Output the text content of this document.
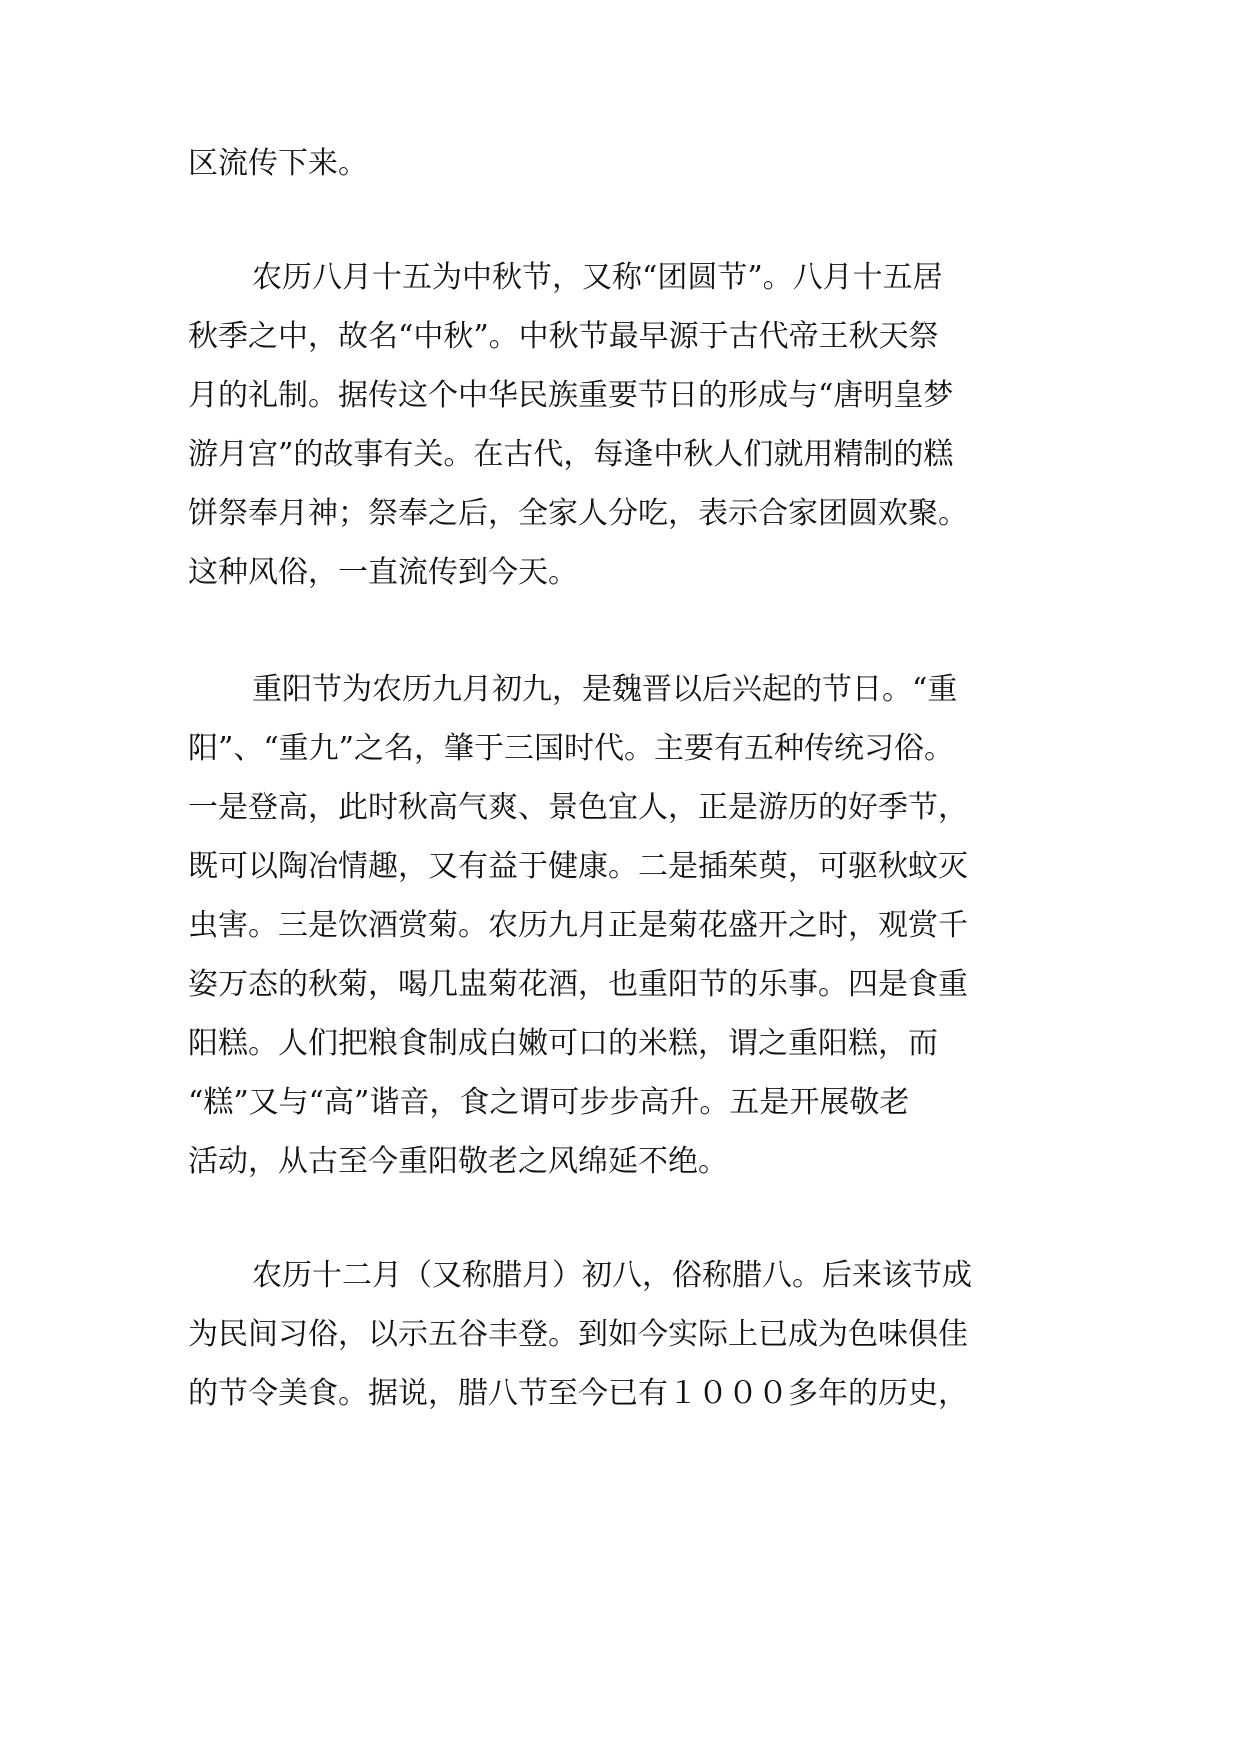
区流传下来。
农历八月十五为中秋节，又称“团圆节”。八月十五居
秋季之中，故名“中秋”。中秋节最早源于古代帝王秋天祭
月的礼制。据传这个中华民族重要节日的形成与“唐明皇梦
游月宫”的故事有关。在古代，每逢中秋人们就用精制的糕
饼祭奉月神；祭奉之后，全家人分吃，表示合家团圆欢聚。
这种风俗，一直流传到今天。
重阳节为农历九月初九，是魏晋以后兴起的节日。“重
阳”、“重九”之名，肇于三国时代。主要有五种传统习俗。
一是登高，此时秋高气爽、景色宜人，正是游历的好季节，
既可以陶冶情趣，又有益于健康。二是插茱萸，可驱秋蚊灭
虫害。三是饮酒赏菊。农历九月正是菊花盛开之时，观赏千
姿万态的秋菊，喝几盅菊花酒，也重阳节的乐事。四是食重
阳糕。人们把粮食制成白嫩可口的米糕，谓之重阳糕，而
“糕”又与“高”谐音，食之谓可步步高升。五是开展敬老
活动，从古至今重阳敬老之风绵延不绝。
农历十二月（又称腊月）初八，俗称腊八。后来该节成
为民间习俗，以示五谷丰登。到如今实际上已成为色味俱佳
的节令美食。据说，腊八节至今已有１０００多年的历史，
